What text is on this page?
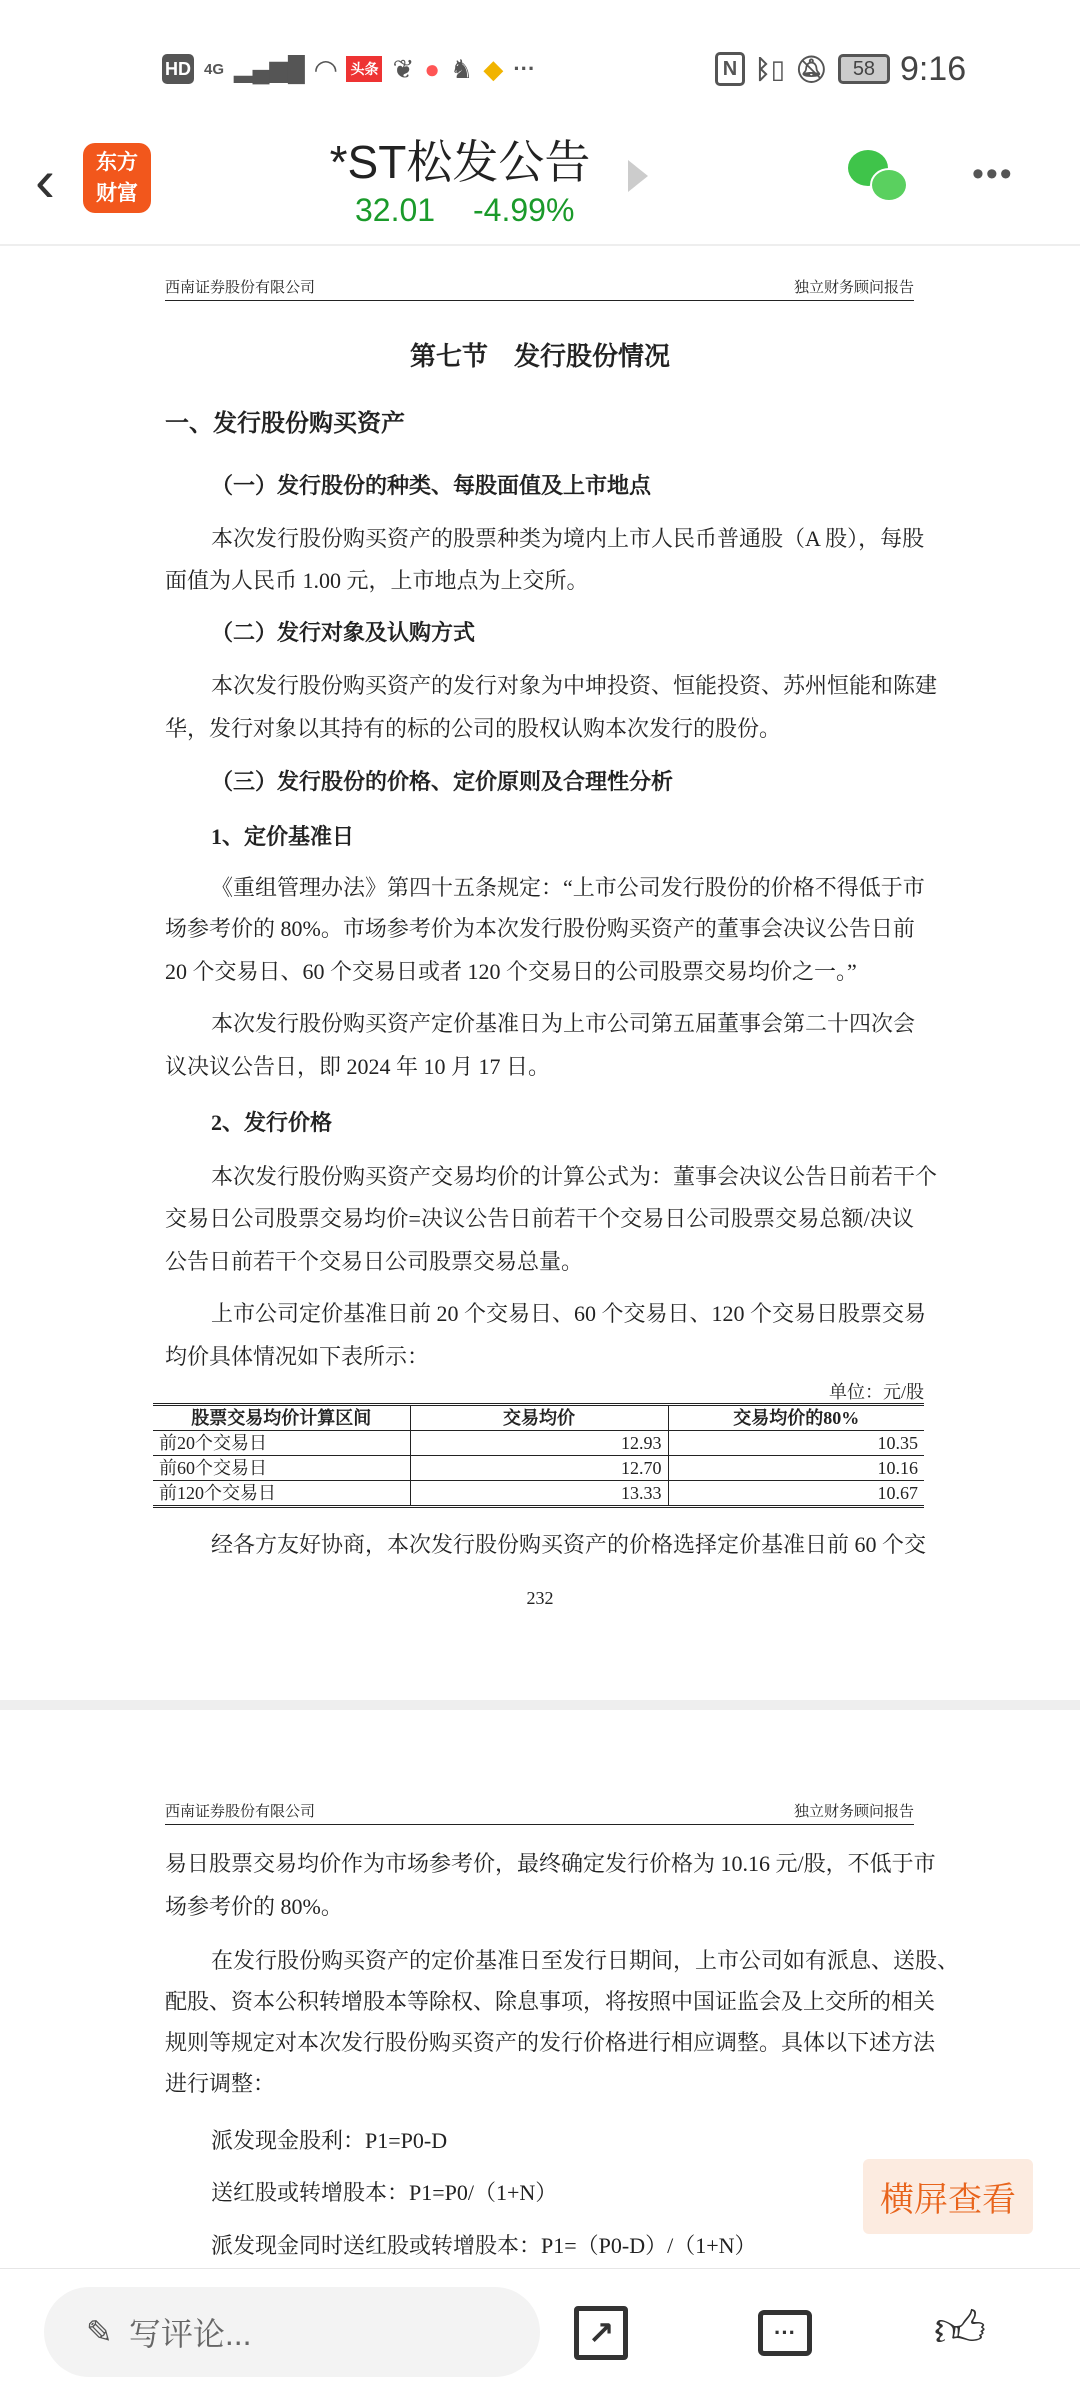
HD 4G ▂▄▆█ ◠ 头条 ❦ ● ♞ ◆ ···	N ᛒ▯ 🔕︎	58 9:16
‹	东方
财富
*ST松发公告
32.01 -4.99%
•••
西南证券股份有限公司	独立财务顾问报告
第七节　发行股份情况
一、发行股份购买资产
（一）发行股份的种类、每股面值及上市地点
本次发行股份购买资产的股票种类为境内上市人民币普通股（A 股），每股
面值为人民币 1.00 元，上市地点为上交所。
（二）发行对象及认购方式
本次发行股份购买资产的发行对象为中坤投资、恒能投资、苏州恒能和陈建
华，发行对象以其持有的标的公司的股权认购本次发行的股份。
（三）发行股份的价格、定价原则及合理性分析
1、定价基准日
《重组管理办法》第四十五条规定：“上市公司发行股份的价格不得低于市
场参考价的 80%。市场参考价为本次发行股份购买资产的董事会决议公告日前
20 个交易日、60 个交易日或者 120 个交易日的公司股票交易均价之一。”
本次发行股份购买资产定价基准日为上市公司第五届董事会第二十四次会
议决议公告日，即 2024 年 10 月 17 日。
2、发行价格
本次发行股份购买资产交易均价的计算公式为：董事会决议公告日前若干个
交易日公司股票交易均价=决议公告日前若干个交易日公司股票交易总额/决议
公告日前若干个交易日公司股票交易总量。
上市公司定价基准日前 20 个交易日、60 个交易日、120 个交易日股票交易
均价具体情况如下表所示：
单位：元/股
股票交易均价计算区间	交易均价	交易均价的80%
前20个交易日	12.93	10.35
前60个交易日	12.70	10.16
前120个交易日	13.33	10.67
经各方友好协商，本次发行股份购买资产的价格选择定价基准日前 60 个交
232
西南证券股份有限公司	独立财务顾问报告
易日股票交易均价作为市场参考价，最终确定发行价格为 10.16 元/股，不低于市
场参考价的 80%。
在发行股份购买资产的定价基准日至发行日期间，上市公司如有派息、送股、
配股、资本公积转增股本等除权、除息事项，将按照中国证监会及上交所的相关
规则等规定对本次发行股份购买资产的发行价格进行相应调整。具体以下述方法
进行调整：
派发现金股利：P1=P0-D
送红股或转增股本：P1=P0/（1+N）
派发现金同时送红股或转增股本：P1=（P0-D）/（1+N）
横屏查看
✎ 写评论...	↗	···	👍︎
